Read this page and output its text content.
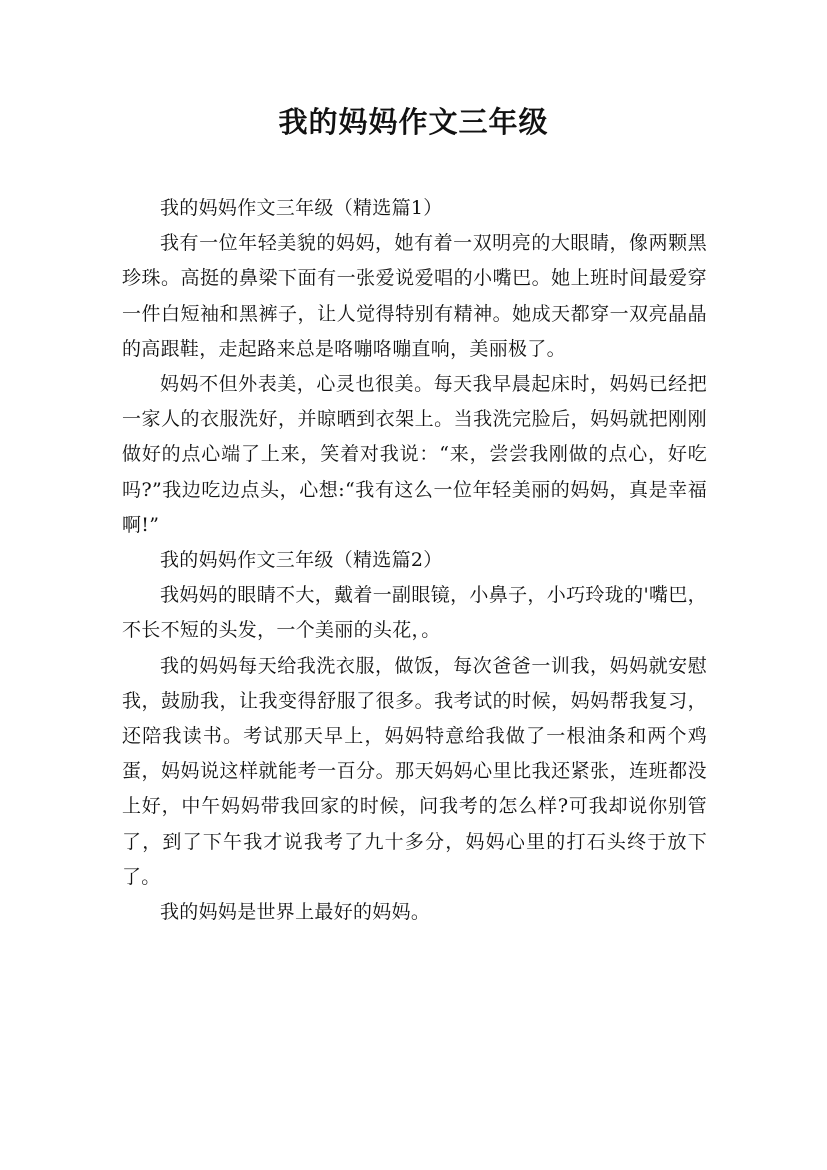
我的妈妈作文三年级

我的妈妈作文三年级（精选篇1）

我有一位年轻美貌的妈妈，她有着一双明亮的大眼睛，像两颗黑珍珠。高挺的鼻梁下面有一张爱说爱唱的小嘴巴。她上班时间最爱穿一件白短袖和黑裤子，让人觉得特别有精神。她成天都穿一双亮晶晶的高跟鞋，走起路来总是咯嘣咯嘣直响，美丽极了。

妈妈不但外表美，心灵也很美。每天我早晨起床时，妈妈已经把一家人的衣服洗好，并晾晒到衣架上。当我洗完脸后，妈妈就把刚刚做好的点心端了上来，笑着对我说：“来，尝尝我刚做的点心，好吃吗?”我边吃边点头，心想:“我有这么一位年轻美丽的妈妈，真是幸福啊!”

我的妈妈作文三年级（精选篇2）

我妈妈的眼睛不大，戴着一副眼镜，小鼻子，小巧玲珑的'嘴巴，不长不短的头发，一个美丽的头花，。

我的妈妈每天给我洗衣服，做饭，每次爸爸一训我，妈妈就安慰我，鼓励我，让我变得舒服了很多。我考试的时候，妈妈帮我复习，还陪我读书。考试那天早上，妈妈特意给我做了一根油条和两个鸡蛋，妈妈说这样就能考一百分。那天妈妈心里比我还紧张，连班都没上好，中午妈妈带我回家的时候，问我考的怎么样?可我却说你别管了，到了下午我才说我考了九十多分，妈妈心里的打石头终于放下了。

我的妈妈是世界上最好的妈妈。
